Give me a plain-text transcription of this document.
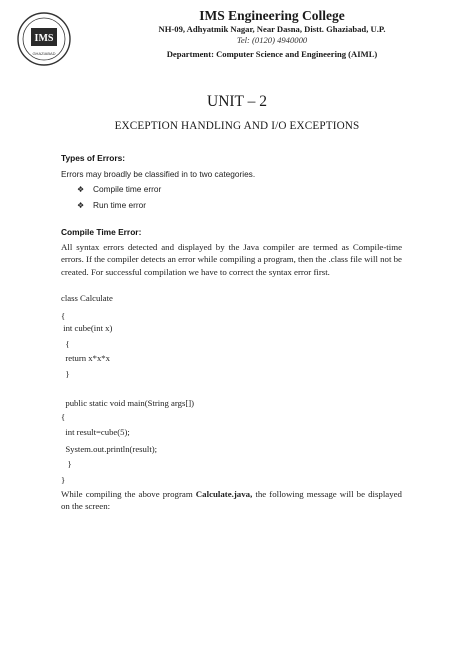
IMS
GHAZIABAD
IMS Engineering College
NH-09, Adhyatmik Nagar, Near Dasna, Distt. Ghaziabad, U.P.
Tel: (0120) 4940000
Department: Computer Science and Engineering (AIML)
UNIT – 2
EXCEPTION HANDLING AND I/O EXCEPTIONS
Types of Errors:
Errors may broadly be classified in to two categories.
❖	Compile time error
❖	Run time error
Compile Time Error:
All syntax errors detected and displayed by the Java compiler are termed as Compile-time errors. If the compiler detects an error while compiling a program, then the .class file will not be created. For successful compilation we have to correct the syntax error first.
class Calculate
{
int cube(int x)
{
return x*x*x
}
public static void main(String args[])
{
int result=cube(5);
System.out.println(result);
}
}
While compiling the above program Calculate.java, the following message will be displayed on the screen:
